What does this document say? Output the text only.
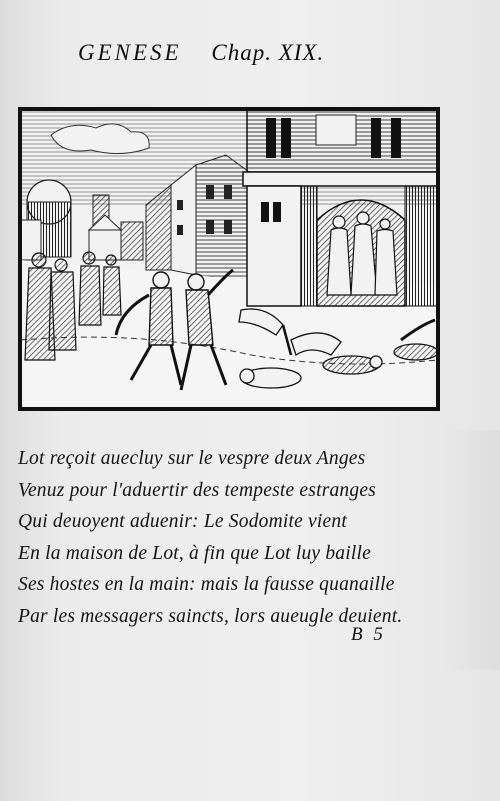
GENESE Chap. XIX.
Lot reçoit auecluy sur le vespre deux Anges
Venuz pour l'aduertir des tempeste estranges
Qui deuoyent aduenir: Le Sodomite vient
En la maison de Lot, à fin que Lot luy baille
Ses hostes en la main: mais la fausse quanaille
Par les messagers saincts, lors aueugle deuient.
B 5
